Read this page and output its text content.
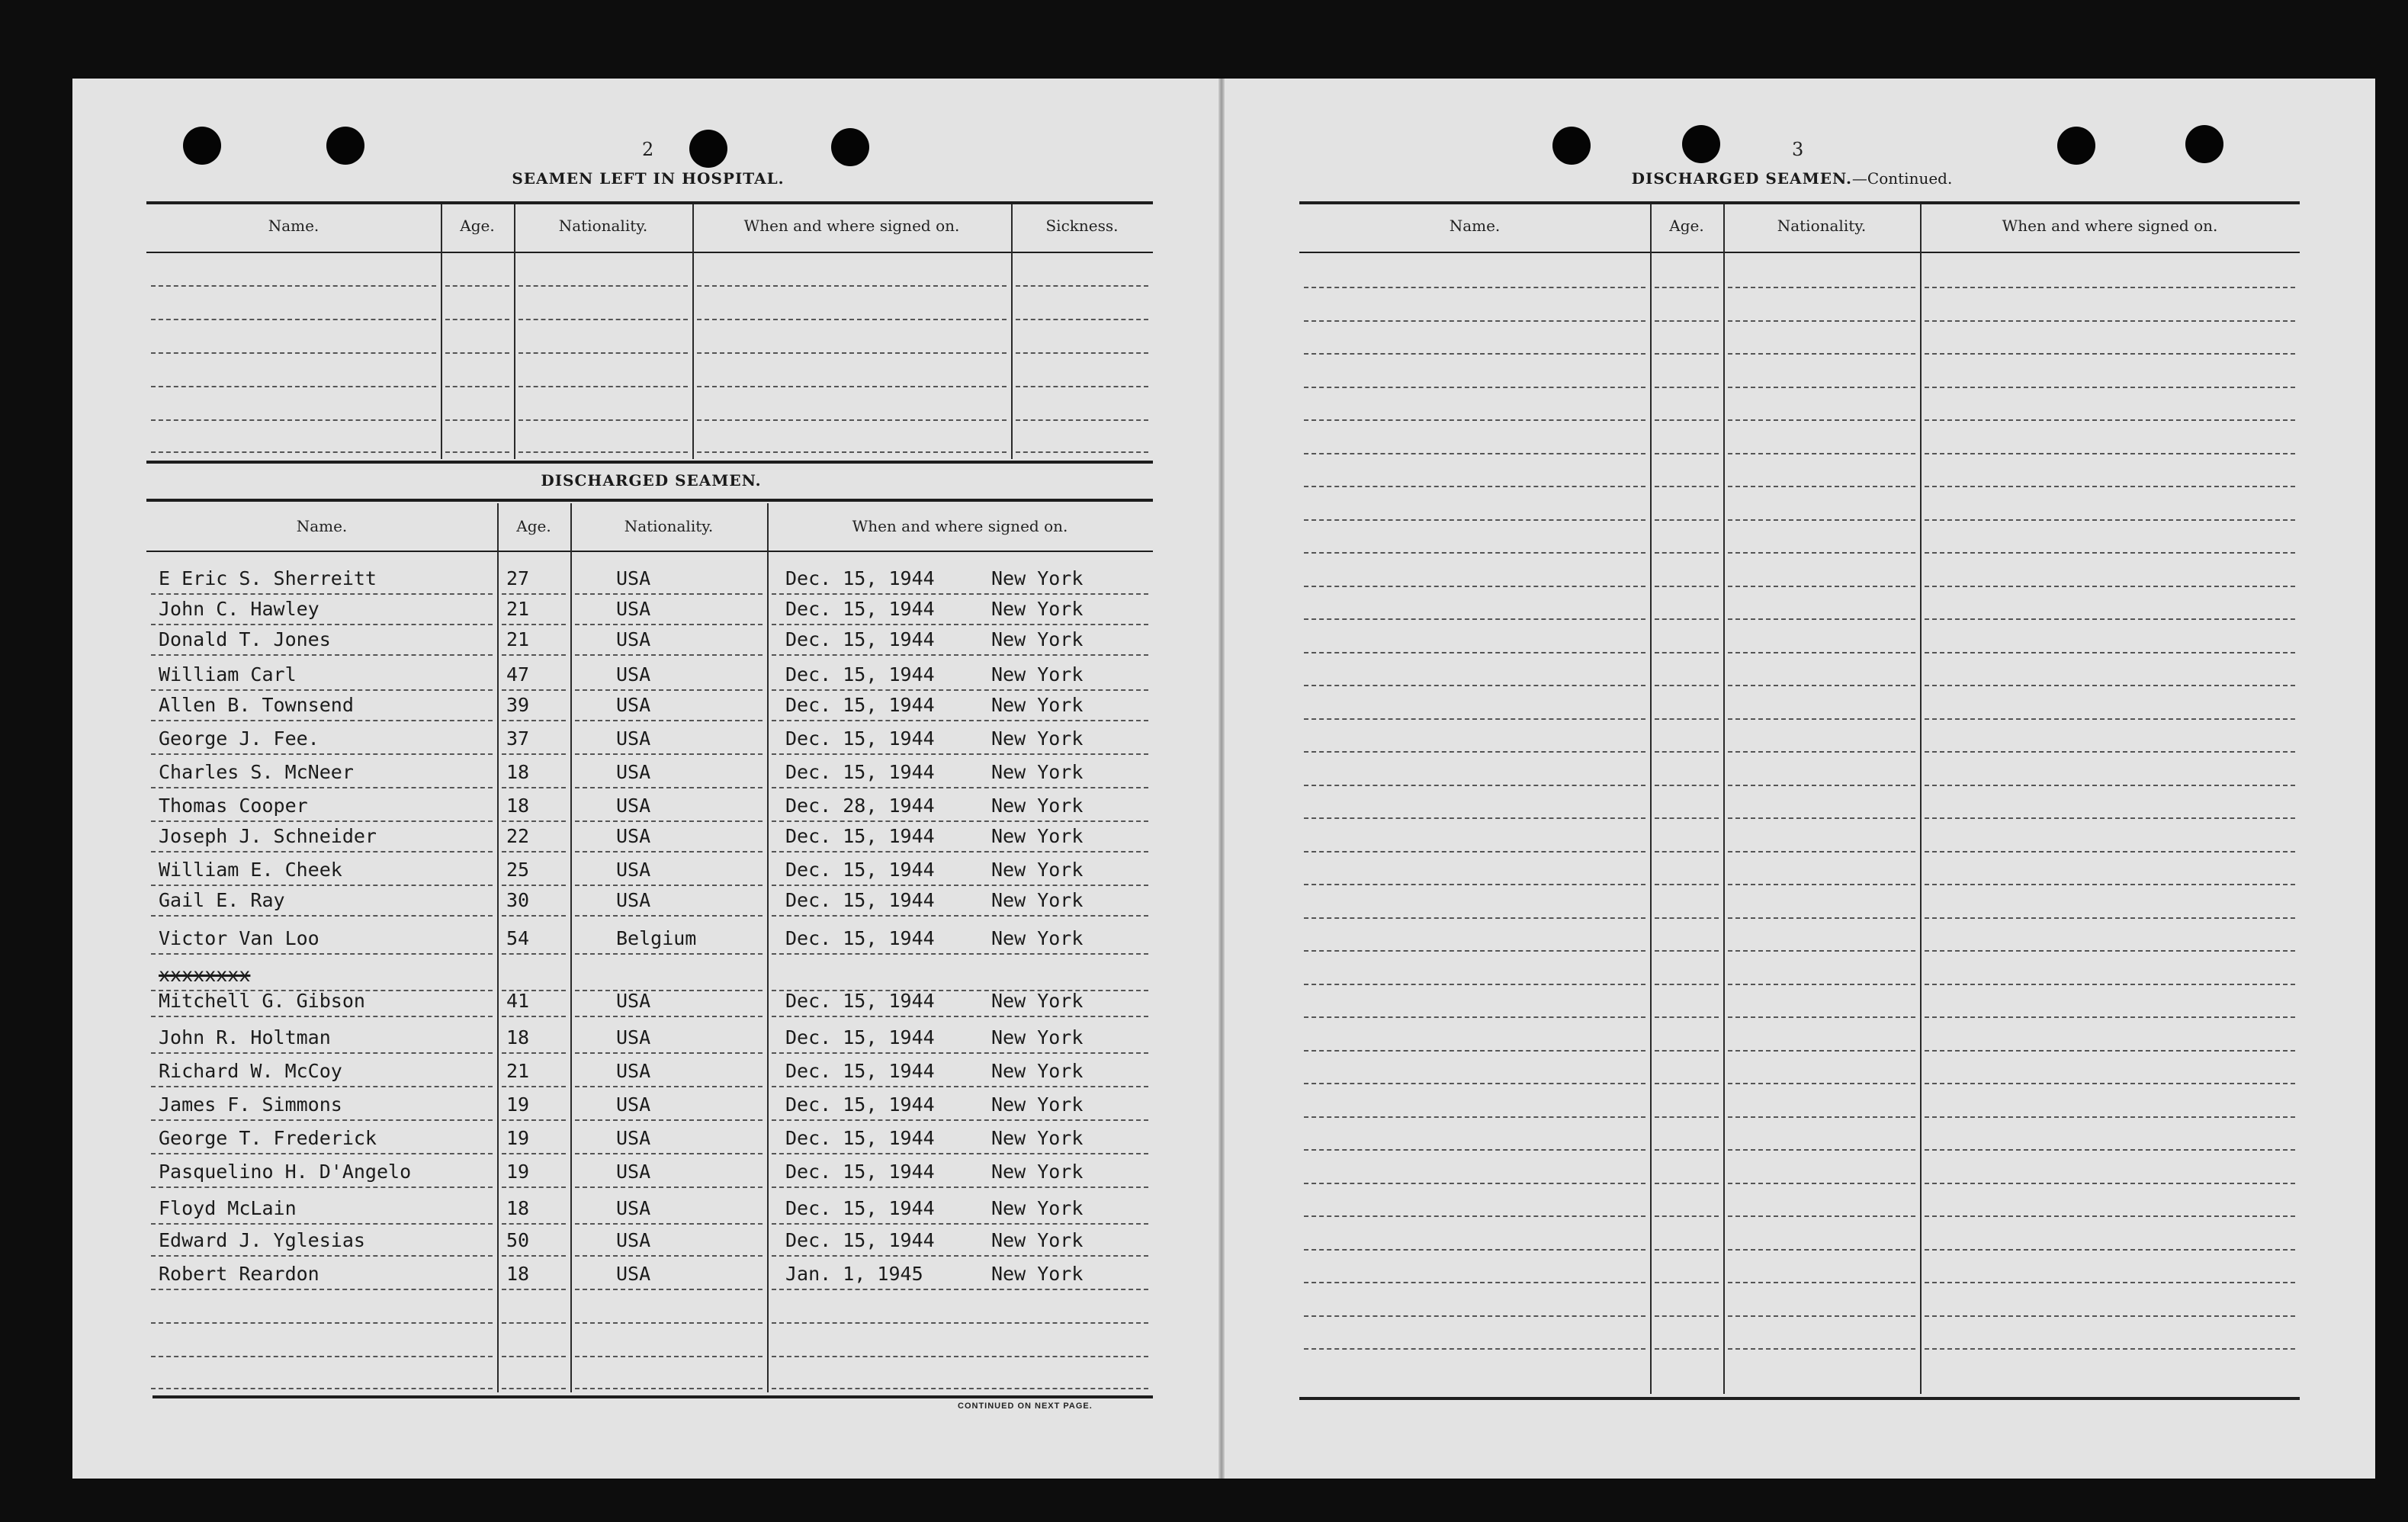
2
SEAMEN LEFT IN HOSPITAL.
Name.	Age.	Nationality.	When and where signed on.	Sickness.
DISCHARGED SEAMEN.
Name.	Age.	Nationality.	When and where signed on.
E Eric S. Sherreitt	27	USA	Dec. 15, 1944	New York
John C. Hawley	21	USA	Dec. 15, 1944	New York
Donald T. Jones	21	USA	Dec. 15, 1944	New York
William Carl	47	USA	Dec. 15, 1944	New York
Allen B. Townsend	39	USA	Dec. 15, 1944	New York
George J. Fee.	37	USA	Dec. 15, 1944	New York
Charles S. McNeer	18	USA	Dec. 15, 1944	New York
Thomas Cooper	18	USA	Dec. 28, 1944	New York
Joseph J. Schneider	22	USA	Dec. 15, 1944	New York
William E. Cheek	25	USA	Dec. 15, 1944	New York
Gail E. Ray	30	USA	Dec. 15, 1944	New York
Victor Van Loo	54	Belgium	Dec. 15, 1944	New York
xxxxxxxx
Mitchell G. Gibson	41	USA	Dec. 15, 1944	New York
John R. Holtman	18	USA	Dec. 15, 1944	New York
Richard W. McCoy	21	USA	Dec. 15, 1944	New York
James F. Simmons	19	USA	Dec. 15, 1944	New York
George T. Frederick	19	USA	Dec. 15, 1944	New York
Pasquelino H. D'Angelo	19	USA	Dec. 15, 1944	New York
Floyd McLain	18	USA	Dec. 15, 1944	New York
Edward J. Yglesias	50	USA	Dec. 15, 1944	New York
Robert Reardon	18	USA	Jan. 1, 1945	New York
CONTINUED ON NEXT PAGE.
3
DISCHARGED SEAMEN.—Continued.
Name.	Age.	Nationality.	When and where signed on.
